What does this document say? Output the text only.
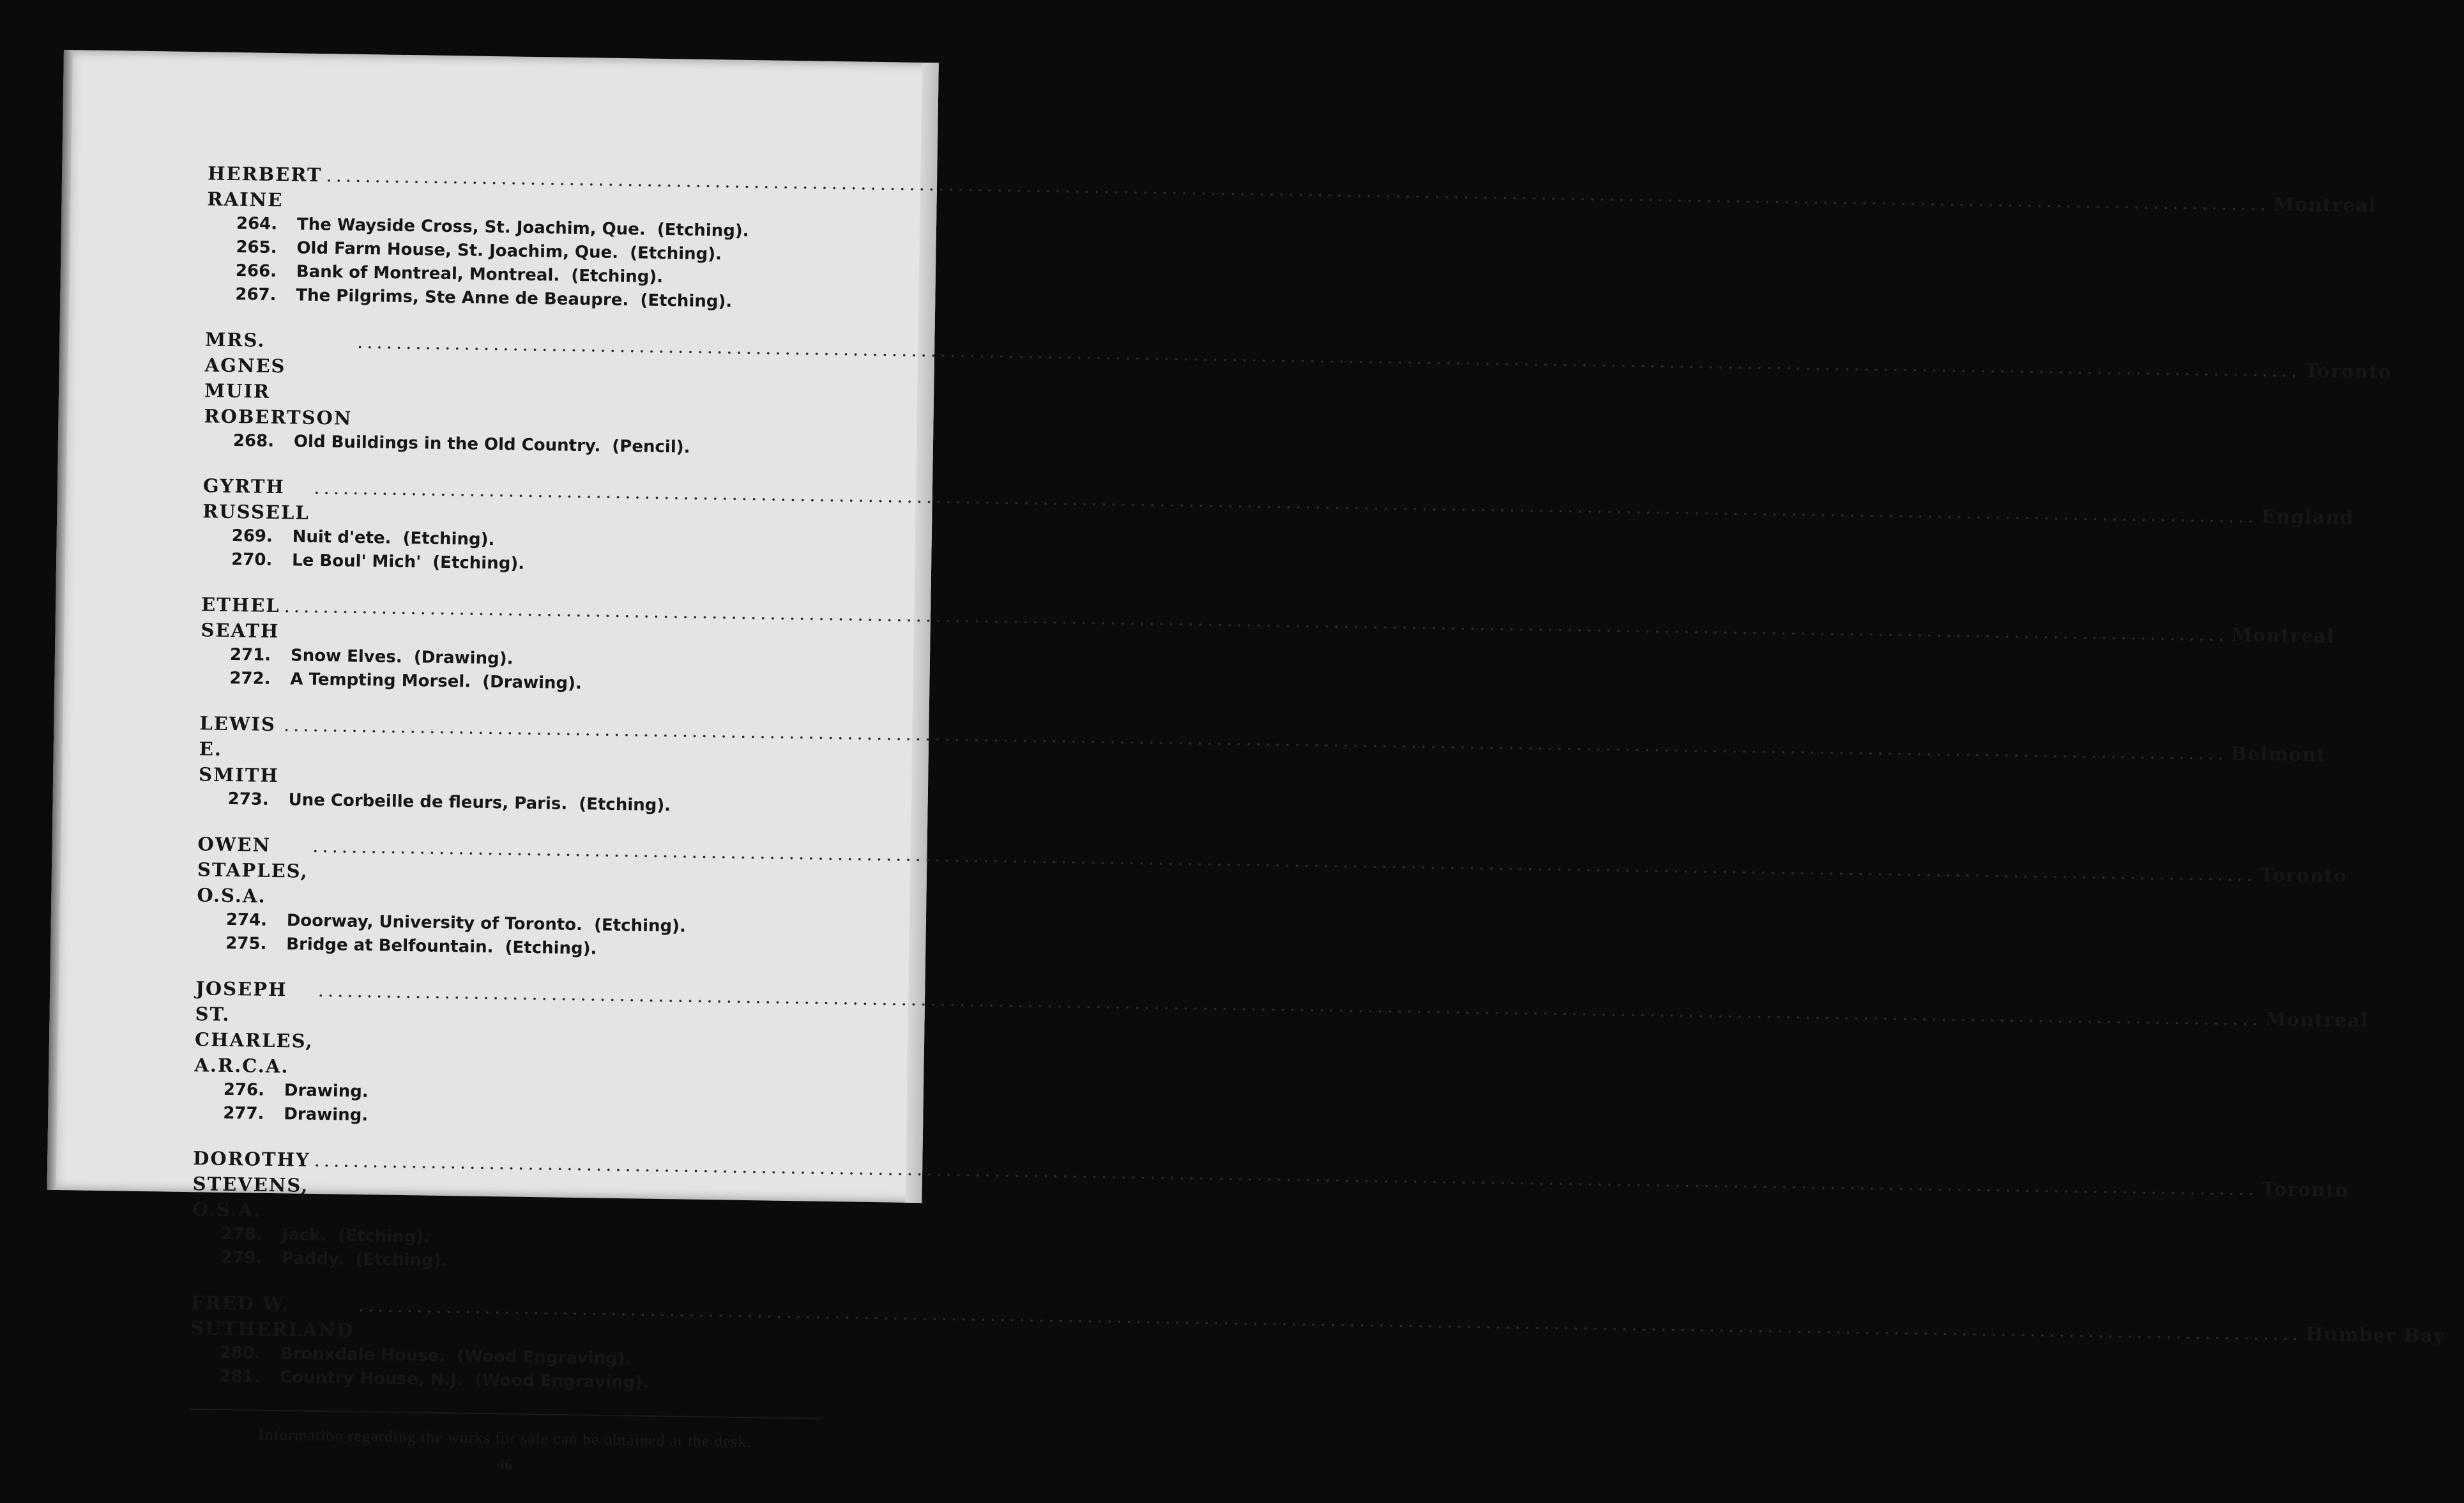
HERBERT RAINE	........................................................................................................................................................................................................ Montreal
264.	The Wayside Cross, St. Joachim, Que.  (Etching).
265.	Old Farm House, St. Joachim, Que.  (Etching).
266.	Bank of Montreal, Montreal.  (Etching).
267.	The Pilgrims, Ste Anne de Beaupre.  (Etching).
MRS. AGNES MUIR ROBERTSON
........................................................................................................................................................................................................ Toronto
268.	Old Buildings in the Old Country.  (Pencil).
GYRTH RUSSELL ........................................................................................................................................................................................................ England
269.	Nuit d'ete.  (Etching).
270.	Le Boul' Mich'  (Etching).
ETHEL SEATH ........................................................................................................................................................................................................ Montreal
271.	Snow Elves.  (Drawing).
272.	A Tempting Morsel.  (Drawing).
LEWIS E. SMITH
........................................................................................................................................................................................................ Belmont
273.	Une Corbeille de fleurs, Paris.  (Etching).
OWEN STAPLES, O.S.A.
........................................................................................................................................................................................................ Toronto
274.	Doorway, University of Toronto.  (Etching).
275.	Bridge at Belfountain.  (Etching).
JOSEPH ST. CHARLES, A.R.C.A.
........................................................................................................................................................................................................ Montreal
276.	Drawing.
277.	Drawing.
DOROTHY STEVENS, O.S.A.
........................................................................................................................................................................................................ Toronto
278.	Jack.  (Etching).
279.	Paddy.  (Etching).
FRED W. SUTHERLAND ........................................................................................................................................................................................................ Humber Bay
280.	Bronxdale House.  (Wood Engraving).
281.	Country House, N.J.  (Wood Engraving).
Information regarding the works for sale can be obtained at the desk.
46
